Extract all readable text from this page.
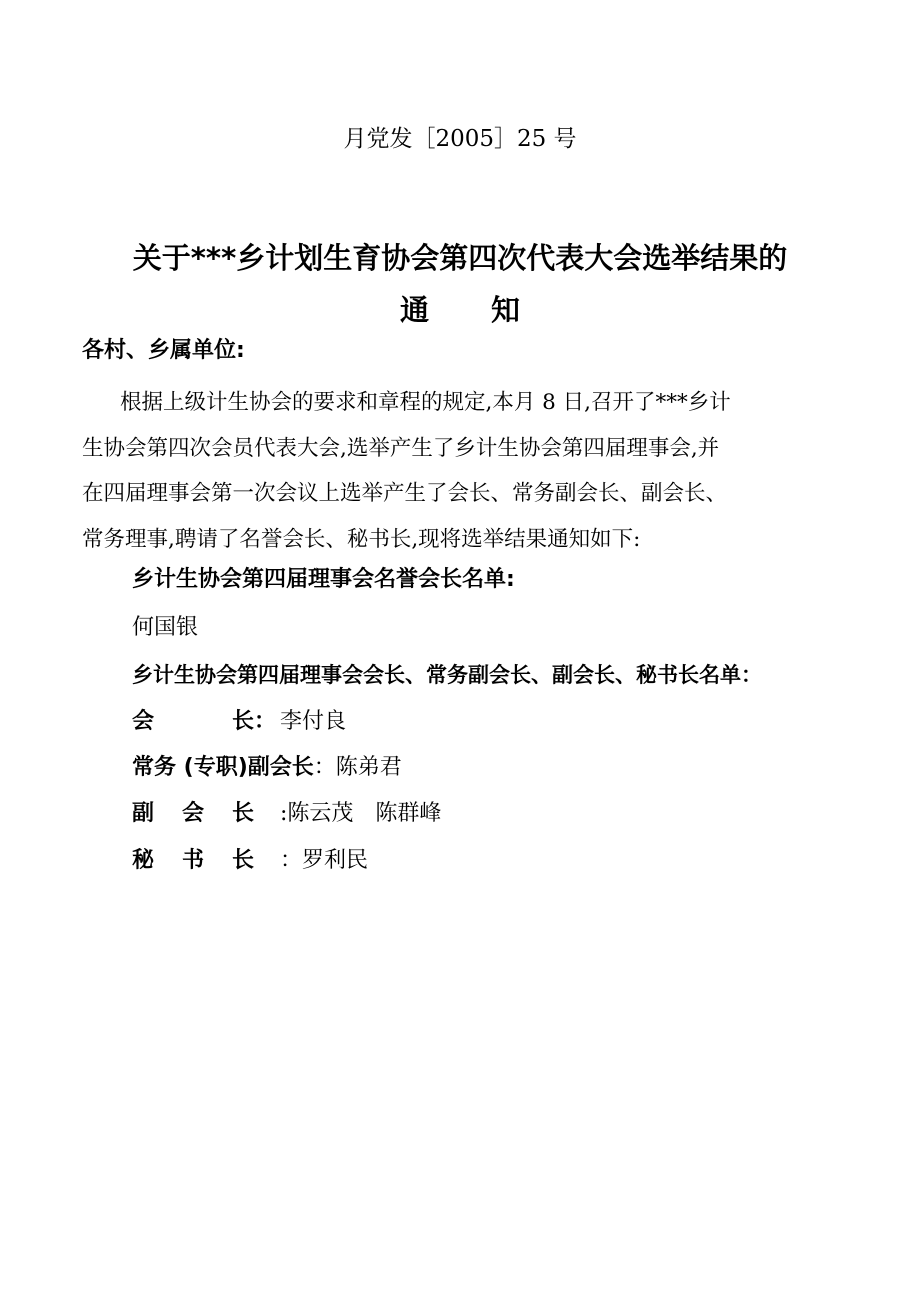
月党发［2005］25 号
关于***乡计划生育协会第四次代表大会选举结果的
通知
各村、乡属单位:
根据上级计生协会的要求和章程的规定,本月 8 日,召开了***乡计
生协会第四次会员代表大会,选举产生了乡计生协会第四届理事会,并
在四届理事会第一次会议上选举产生了会长、常务副会长、副会长、
常务理事,聘请了名誉会长、秘书长,现将选举结果通知如下:
乡计生协会第四届理事会名誉会长名单:
何国银
乡计生协会第四届理事会会长、常务副会长、副会长、秘书长名单：
会	长： 李付良
常务 (专职)副会长：陈弟君
副 会 长 :陈云茂　陈群峰
秘 书 长 ：罗利民
